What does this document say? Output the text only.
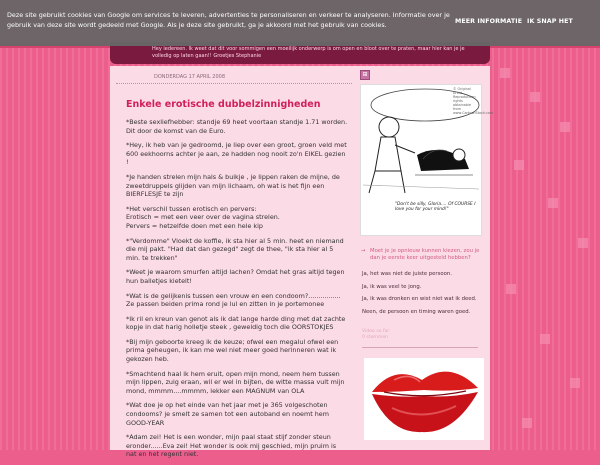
Hey iedereen. Ik weet dat dit voor sommigen een moeilijk onderwerp is om open en bloot over te praten, maar hier kan je je volledig op laten gaan!! Groetjes Stephanie
DONDERDAG 17 APRIL 2008
Enkele erotische dubbelzinnigheden

*Beste sexliefhebber: standje 69 heet voortaan standje 1.71 worden. Dit door de komst van de Euro.

*Hey, ik heb van je gedroomd, je liep over een groot, groen veld met 600 eekhoorns achter je aan, ze hadden nog nooit zo'n EIKEL gezien !

*Je handen strelen mijn hals & buikje , je lippen raken de mijne, de zweetdruppels glijden van mijn lichaam, oh wat is het fijn een BIERFLESJE te zijn

*Het verschil tussen erotisch en pervers:
Erotisch = met een veer over de vagina strelen.
Pervers = hetzelfde doen met een hele kip

*"Verdomme" Vloekt de koffie, ik sta hier al 5 min. heet en niemand die mij pakt. "Had dat dan gezegd" zegt de thee, "ik sta hier al 5 min. te trekken"

*Weet je waarom smurfen altijd lachen? Omdat het gras altijd tegen hun balletjes kietelt!

*Wat is de gelijkenis tussen een vrouw en een condoom?................ Ze passen beiden prima rond je lul en zitten in je portemonee

*Ik ril en kreun van genot als ik dat lange harde ding met dat zachte kopje in dat harig holletje steek , geweldig toch die OORSTOKJES

*Bij mijn geboorte kreeg ik de keuze; ofwel een megalul ofwel een prima geheugen, ik kan me wel niet meer goed herinneren wat ik gekozen heb.

*Smachtend haal ik hem eruit, open mijn mond, neem hem tussen mijn lippen, zuig eraan, wil er wel in bijten, de witte massa vult mijn mond, mmmm....mmmm, lekker een MAGNUM van OLA

*Wat doe je op het einde van het jaar met je 365 volgeschoten condooms? je smelt ze samen tot een autoband en noemt hem GOOD-YEAR

*Adam zei! Het is een wonder, mijn paal staat stijf zonder steun eronder......Eva zei! Het wonder is ook mij geschied, mijn pruim is nat en het regent niet.

⊞
© Original Artist Reproduction rights obtainable from www.CartoonStock.com
"Don't be silly, Gloria.... Of COURSE I love you for your mind!"
→ Moet je je opnieuw kunnen kiezen, zou je dan je eerste keer uitgesteld hebben?
Ja, het was niet de juiste persoon.
Ja, ik was veel te jong.
Ja, ik was dronken en wist niet wat ik deed.
Neen, de persoon en timing waren goed.
Video so far
0 stemmen
Deze site gebruikt cookies van Google om services te leveren, advertenties te personaliseren en verkeer te analyseren. Informatie over je gebruik van deze site wordt gedeeld met Google. Als je deze site gebruikt, ga je akkoord met het gebruik van cookies.	MEER INFORMATIE IK SNAP HET
